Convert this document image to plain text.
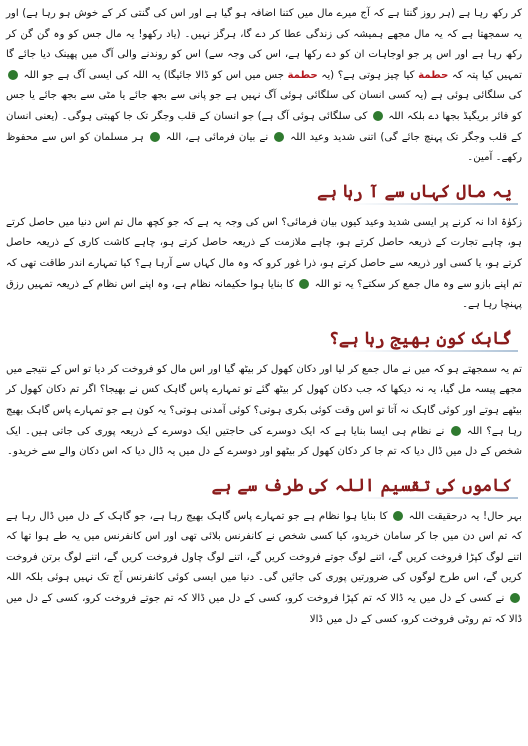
کر رکھ رہا ہے (ہر روز گنتا ہے کہ آج میرے مال میں کتنا اضافہ ہو گیا ہے اور اس کی گنتی کر کے خوش ہو رہا ہے) اور یہ سمجھتا ہے کہ یہ مال مجھے ہمیشہ کی زندگی عطا کر دے گا، ہرگز نہیں۔ (یاد رکھو! یہ مال جس کو وہ گن گن کر رکھ رہا ہے اور اس پر جو اوجاہات ان کو دے رکھا ہے، اس کی وجہ سے) اس کو روندنے والی آگ میں پھینک دیا جائے گا تمہیں کیا پتہ کہ حطمة کیا چیز ہوتی ہے؟ (یہ حطمة جس میں اس کو ڈالا جائیگا) یہ اللہ کی ایسی آگ ہے جو اللہ  کی سلگائی ہوئی ہے (یہ کسی انسان کی سلگائی ہوئی آگ نہیں ہے جو پانی سے بجھ جائے یا مٹی سے بجھ جائے یا جس کو فائر بریگیڈ بجھا دے بلکہ اللہ  کی سلگائی ہوئی آگ ہے) جو انسان کے قلب وجگر تک جا کھبتی ہوگی۔ (یعنی انسان کے قلب وجگر تک پہنچ جائے گی) اتنی شدید وعید اللہ  نے بیان فرمائی ہے، اللہ  ہر مسلمان کو اس سے محفوظ رکھے۔ آمین۔

یہ مال کہاں سے آ رہا ہے

زکوٰۃ ادا نہ کرنے پر ایسی شدید وعید کیوں بیان فرمائی؟ اس کی وجہ یہ ہے کہ جو کچھ مال تم اس دنیا میں حاصل کرتے ہو، چاہے تجارت کے ذریعہ حاصل کرتے ہو، چاہے ملازمت کے ذریعہ حاصل کرتے ہو، چاہے کاشت کاری کے ذریعہ حاصل کرتے ہو، یا کسی اور ذریعہ سے حاصل کرتے ہو، ذرا غور کرو کہ وہ مال کہاں سے آرہا ہے؟ کیا تمہارے اندر طاقت تھی کہ تم اپنے بازو سے وہ مال جمع کر سکتے؟ یہ تو اللہ  کا بنایا ہوا حکیمانہ نظام ہے، وہ اپنے اس نظام کے ذریعہ تمہیں رزق پہنچا رہا ہے۔

گاہک کون بھیج رہا ہے؟

تم یہ سمجھتے ہو کہ میں نے مال جمع کر لیا اور دکان کھول کر بیٹھ گیا اور اس مال کو فروخت کر دیا تو اس کے نتیجے میں مجھے پیسہ مل گیا، یہ نہ دیکھا کہ جب دکان کھول کر بیٹھ گئے تو تمہارے پاس گاہک کس نے بھیجا؟ اگر تم دکان کھول کر بیٹھے ہوتے اور کوئی گاہک نہ آتا تو اس وقت کوئی بکری ہوتی؟ کوئی آمدنی ہوتی؟ یہ کون ہے جو تمہارے پاس گاہک بھیج رہا ہے؟ اللہ  نے نظام ہی ایسا بنایا ہے کہ ایک دوسرے کی حاجتیں ایک دوسرے کے ذریعہ پوری کی جاتی ہیں۔ ایک شخص کے دل میں ڈال دیا کہ تم جا کر دکان کھول کر بیٹھو اور دوسرے کے دل میں یہ ڈال دیا کہ اس دکان والے سے خریدو۔

کاموں کی تقسیم اللہ کی طرف سے ہے

بہر حال! یہ درحقیقت اللہ  کا بنایا ہوا نظام ہے جو تمہارے پاس گاہک بھیج رہا ہے، جو گاہک کے دل میں ڈال رہا ہے کہ تم اس دن میں جا کر سامان خریدو، کیا کسی شخص نے کانفرنس بلائی تھی اور اس کانفرنس میں یہ طے ہوا تھا کہ اتنے لوگ کپڑا فروخت کریں گے، اتنے لوگ جوتے فروخت کریں گے، اتنے لوگ چاول فروخت کریں گے، اتنے لوگ برتن فروخت کریں گے، اس طرح لوگوں کی ضرورتیں پوری کی جائیں گی۔ دنیا میں ایسی کوئی کانفرنس آج تک نہیں ہوئی بلکہ اللہ  نے کسی کے دل میں یہ ڈالا کہ تم کپڑا فروخت کرو، کسی کے دل میں ڈالا کہ تم جوتے فروخت کرو، کسی کے دل میں ڈالا کہ تم روٹی فروخت کرو، کسی کے دل میں ڈالا
